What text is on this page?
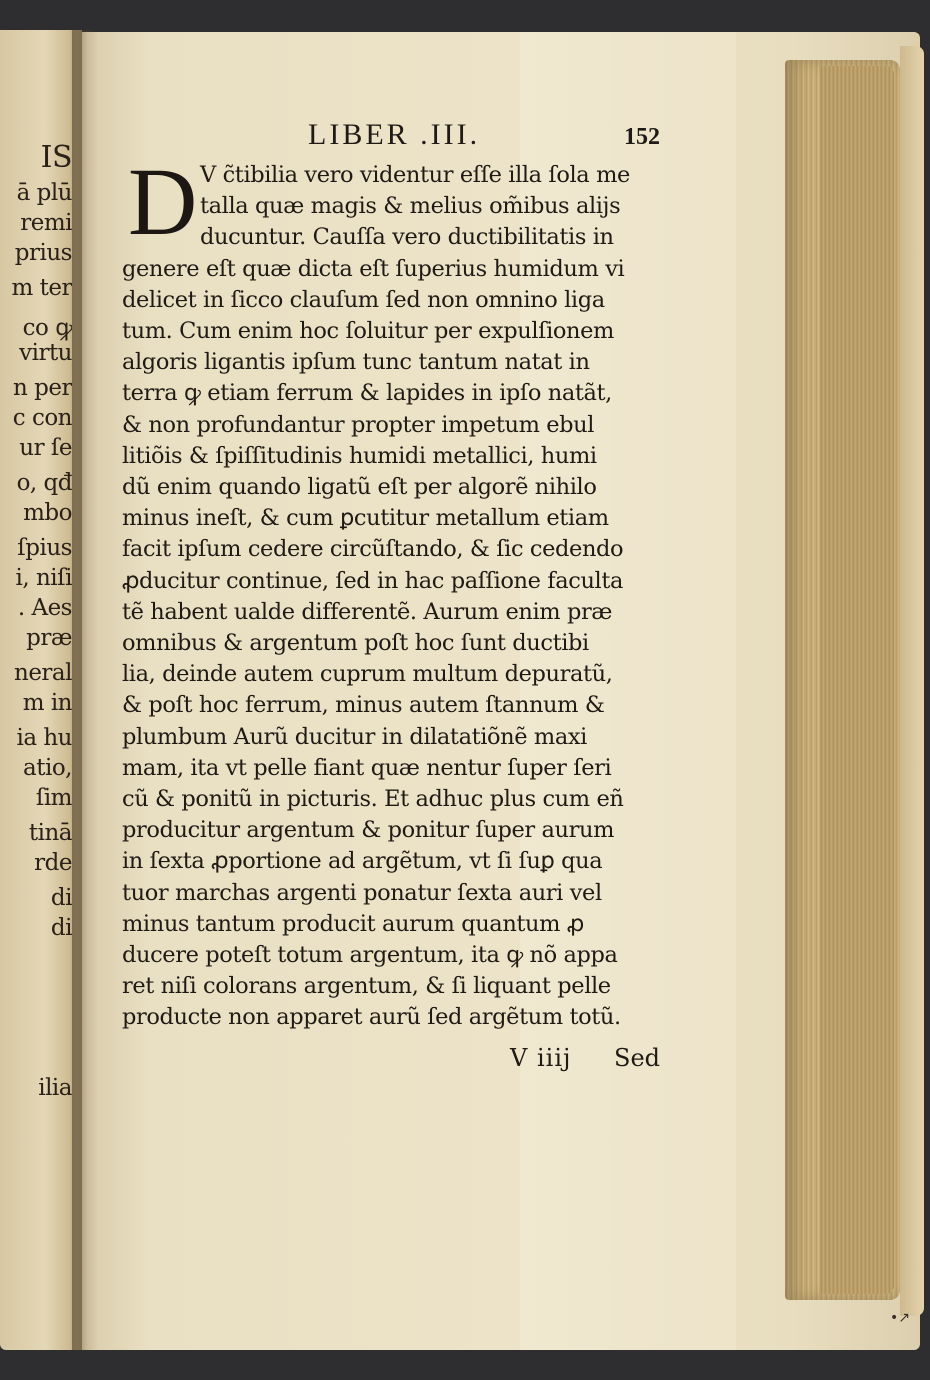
IS
ā plū
remi
prius
m ter
co ꝙ
virtu
n per
c con
ur ſe
o, qđ
mbo
ſpius
i, niſi
. Aes
præ
neral
m in
ia hu
atio,
ſim
tinā
rde
di
di
ilia
LIBER .III.	152
D V c̃tibilia vero videntur eſſe illa ſola me
talla quæ magis & melius om̃ibus alijs
ducuntur. Cauſſa vero ductibilitatis in
genere eſt quæ dicta eſt ſuperius humidum vi
delicet in ſicco clauſum ſed non omnino liga
tum. Cum enim hoc ſoluitur per expulſionem
algoris ligantis ipſum tunc tantum natat in
terra ꝙ etiam ferrum & lapides in ipſo natãt,
& non profundantur propter impetum ebul
litiõis & ſpiſſitudinis humidi metallici, humi
dũ enim quando ligatũ eſt per algorẽ nihilo
minus ineſt, & cum ꝑcutitur metallum etiam
facit ipſum cedere circũſtando, & ſic cedendo
ꝓducitur continue, ſed in hac paſſione faculta
tẽ habent ualde differentẽ. Aurum enim præ
omnibus & argentum poſt hoc ſunt ductibi
lia, deinde autem cuprum multum depuratũ,
& poſt hoc ferrum, minus autem ſtannum &
plumbum Aurũ ducitur in dilatatiõnẽ maxi
mam, ita vt pelle fiant quæ nentur ſuper ſeri
cũ & ponitũ in picturis. Et adhuc plus cum eñ
producitur argentum & ponitur ſuper aurum
in ſexta ꝓportione ad argẽtum, vt ſi ſuꝑ qua
tuor marchas argenti ponatur ſexta auri vel
minus tantum producit aurum quantum ꝓ
ducere poteſt totum argentum, ita ꝙ nõ appa
ret niſi colorans argentum, & ſi liquant pelle
producte non apparet aurũ ſed argẽtum totũ.
V iiij Sed
•↗
